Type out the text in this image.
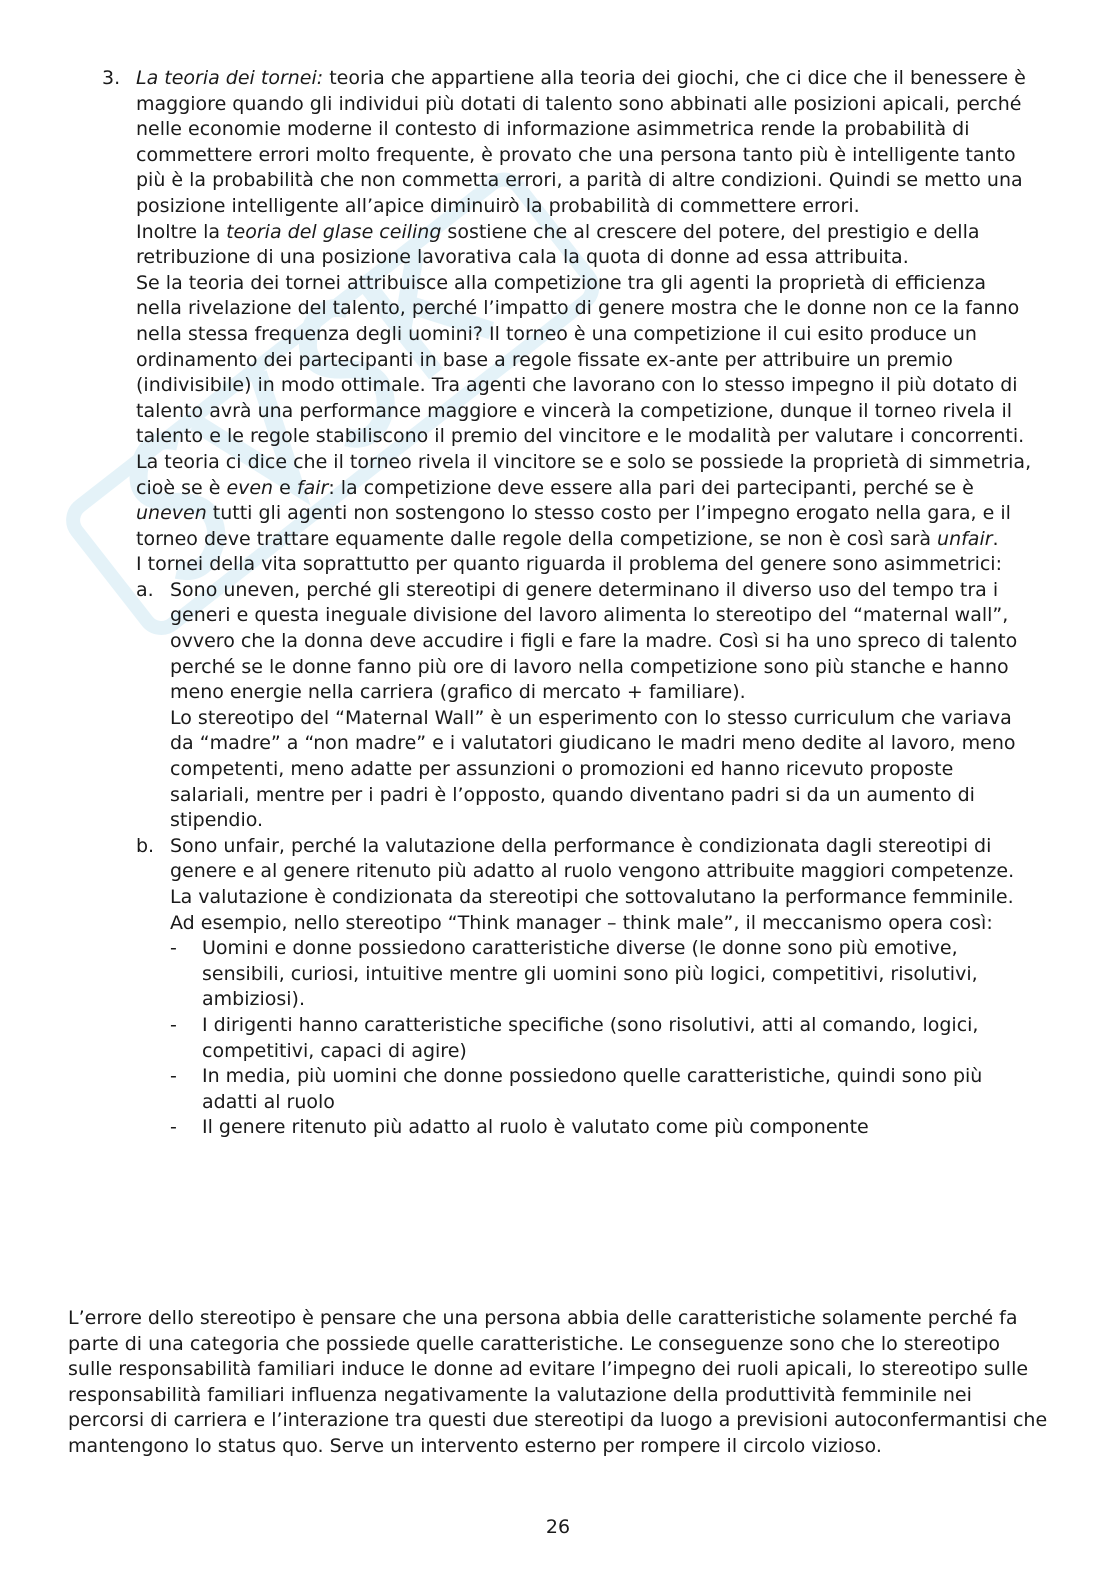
3. La teoria dei tornei: teoria che appartiene alla teoria dei giochi, che ci dice che il benessere è maggiore quando gli individui più dotati di talento sono abbinati alle posizioni apicali, perché nelle economie moderne il contesto di informazione asimmetrica rende la probabilità di commettere errori molto frequente, è provato che una persona tanto più è intelligente tanto più è la probabilità che non commetta errori, a parità di altre condizioni. Quindi se metto una posizione intelligente all’apice diminuirò la probabilità di commettere errori.

Inoltre la teoria del glase ceiling sostiene che al crescere del potere, del prestigio e della retribuzione di una posizione lavorativa cala la quota di donne ad essa attribuita.

Se la teoria dei tornei attribuisce alla competizione tra gli agenti la proprietà di efficienza nella rivelazione del talento, perché l’impatto di genere mostra che le donne non ce la fanno nella stessa frequenza degli uomini? Il torneo è una competizione il cui esito produce un ordinamento dei partecipanti in base a regole fissate ex-ante per attribuire un premio (indivisibile) in modo ottimale. Tra agenti che lavorano con lo stesso impegno il più dotato di talento avrà una performance maggiore e vincerà la competizione, dunque il torneo rivela il talento e le regole stabiliscono il premio del vincitore e le modalità per valutare i concorrenti. La teoria ci dice che il torneo rivela il vincitore se e solo se possiede la proprietà di simmetria, cioè se è even e fair: la competizione deve essere alla pari dei partecipanti, perché se è uneven tutti gli agenti non sostengono lo stesso costo per l’impegno erogato nella gara, e il torneo deve trattare equamente dalle regole della competizione, se non è così sarà unfair.

I tornei della vita soprattutto per quanto riguarda il problema del genere sono asimmetrici:

a. Sono uneven, perché gli stereotipi di genere determinano il diverso uso del tempo tra i generi e questa ineguale divisione del lavoro alimenta lo stereotipo del “maternal wall”, ovvero che la donna deve accudire i figli e fare la madre. Così si ha uno spreco di talento perché se le donne fanno più ore di lavoro nella competizione sono più stanche e hanno meno energie nella carriera (grafico di mercato + familiare).

Lo stereotipo del “Maternal Wall” è un esperimento con lo stesso curriculum che variava da “madre” a “non madre” e i valutatori giudicano le madri meno dedite al lavoro, meno competenti, meno adatte per assunzioni o promozioni ed hanno ricevuto proposte salariali, mentre per i padri è l’opposto, quando diventano padri si da un aumento di stipendio.

b. Sono unfair, perché la valutazione della performance è condizionata dagli stereotipi di genere e al genere ritenuto più adatto al ruolo vengono attribuite maggiori competenze.

La valutazione è condizionata da stereotipi che sottovalutano la performance femminile. Ad esempio, nello stereotipo “Think manager – think male”, il meccanismo opera così:

- Uomini e donne possiedono caratteristiche diverse (le donne sono più emotive, sensibili, curiosi, intuitive mentre gli uomini sono più logici, competitivi, risolutivi, ambiziosi).
- I dirigenti hanno caratteristiche specifiche (sono risolutivi, atti al comando, logici, competitivi, capaci di agire)
- In media, più uomini che donne possiedono quelle caratteristiche, quindi sono più adatti al ruolo
- Il genere ritenuto più adatto al ruolo è valutato come più componente

L’errore dello stereotipo è pensare che una persona abbia delle caratteristiche solamente perché fa parte di una categoria che possiede quelle caratteristiche. Le conseguenze sono che lo stereotipo sulle responsabilità familiari induce le donne ad evitare l’impegno dei ruoli apicali, lo stereotipo sulle responsabilità familiari influenza negativamente la valutazione della produttività femminile nei percorsi di carriera e l’interazione tra questi due stereotipi da luogo a previsioni autoconfermantisi che mantengono lo status quo. Serve un intervento esterno per rompere il circolo vizioso.

26
